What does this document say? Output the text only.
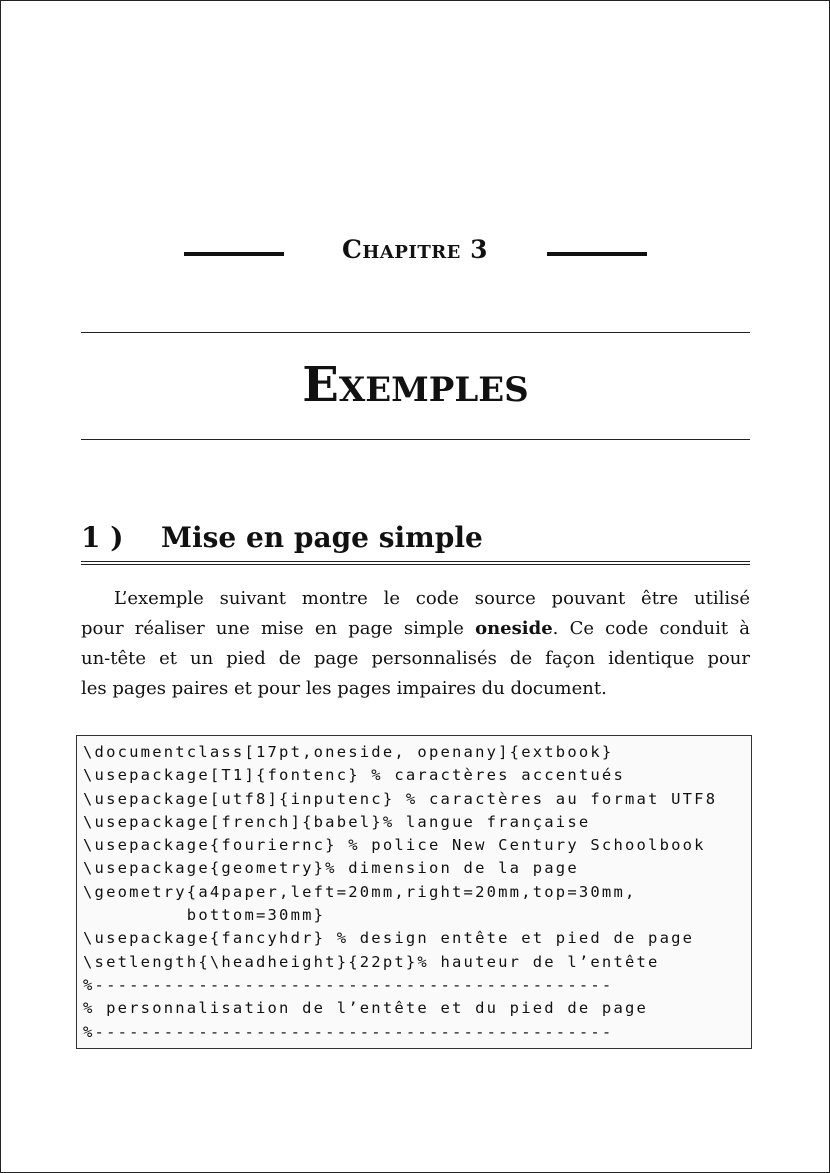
Chapitre 3
Exemples
1 ) Mise en page simple
L’exemple suivant montre le code source pouvant être utilisé
pour réaliser une mise en page simple oneside. Ce code conduit à
un-tête et un pied de page personnalisés de façon identique pour
les pages paires et pour les pages impaires du document.
\documentclass[17pt,oneside, openany]{extbook}
\usepackage[T1]{fontenc} % caractères accentués
\usepackage[utf8]{inputenc} % caractères au format UTF8
\usepackage[french]{babel}% langue française
\usepackage{fouriernc} % police New Century Schoolbook
\usepackage{geometry}% dimension de la page
\geometry{a4paper,left=20mm,right=20mm,top=30mm,
bottom=30mm}
\usepackage{fancyhdr} % design entête et pied de page
\setlength{\headheight}{22pt}% hauteur de l’entête
%---------------------------------------------
% personnalisation de l’entête et du pied de page
%---------------------------------------------
